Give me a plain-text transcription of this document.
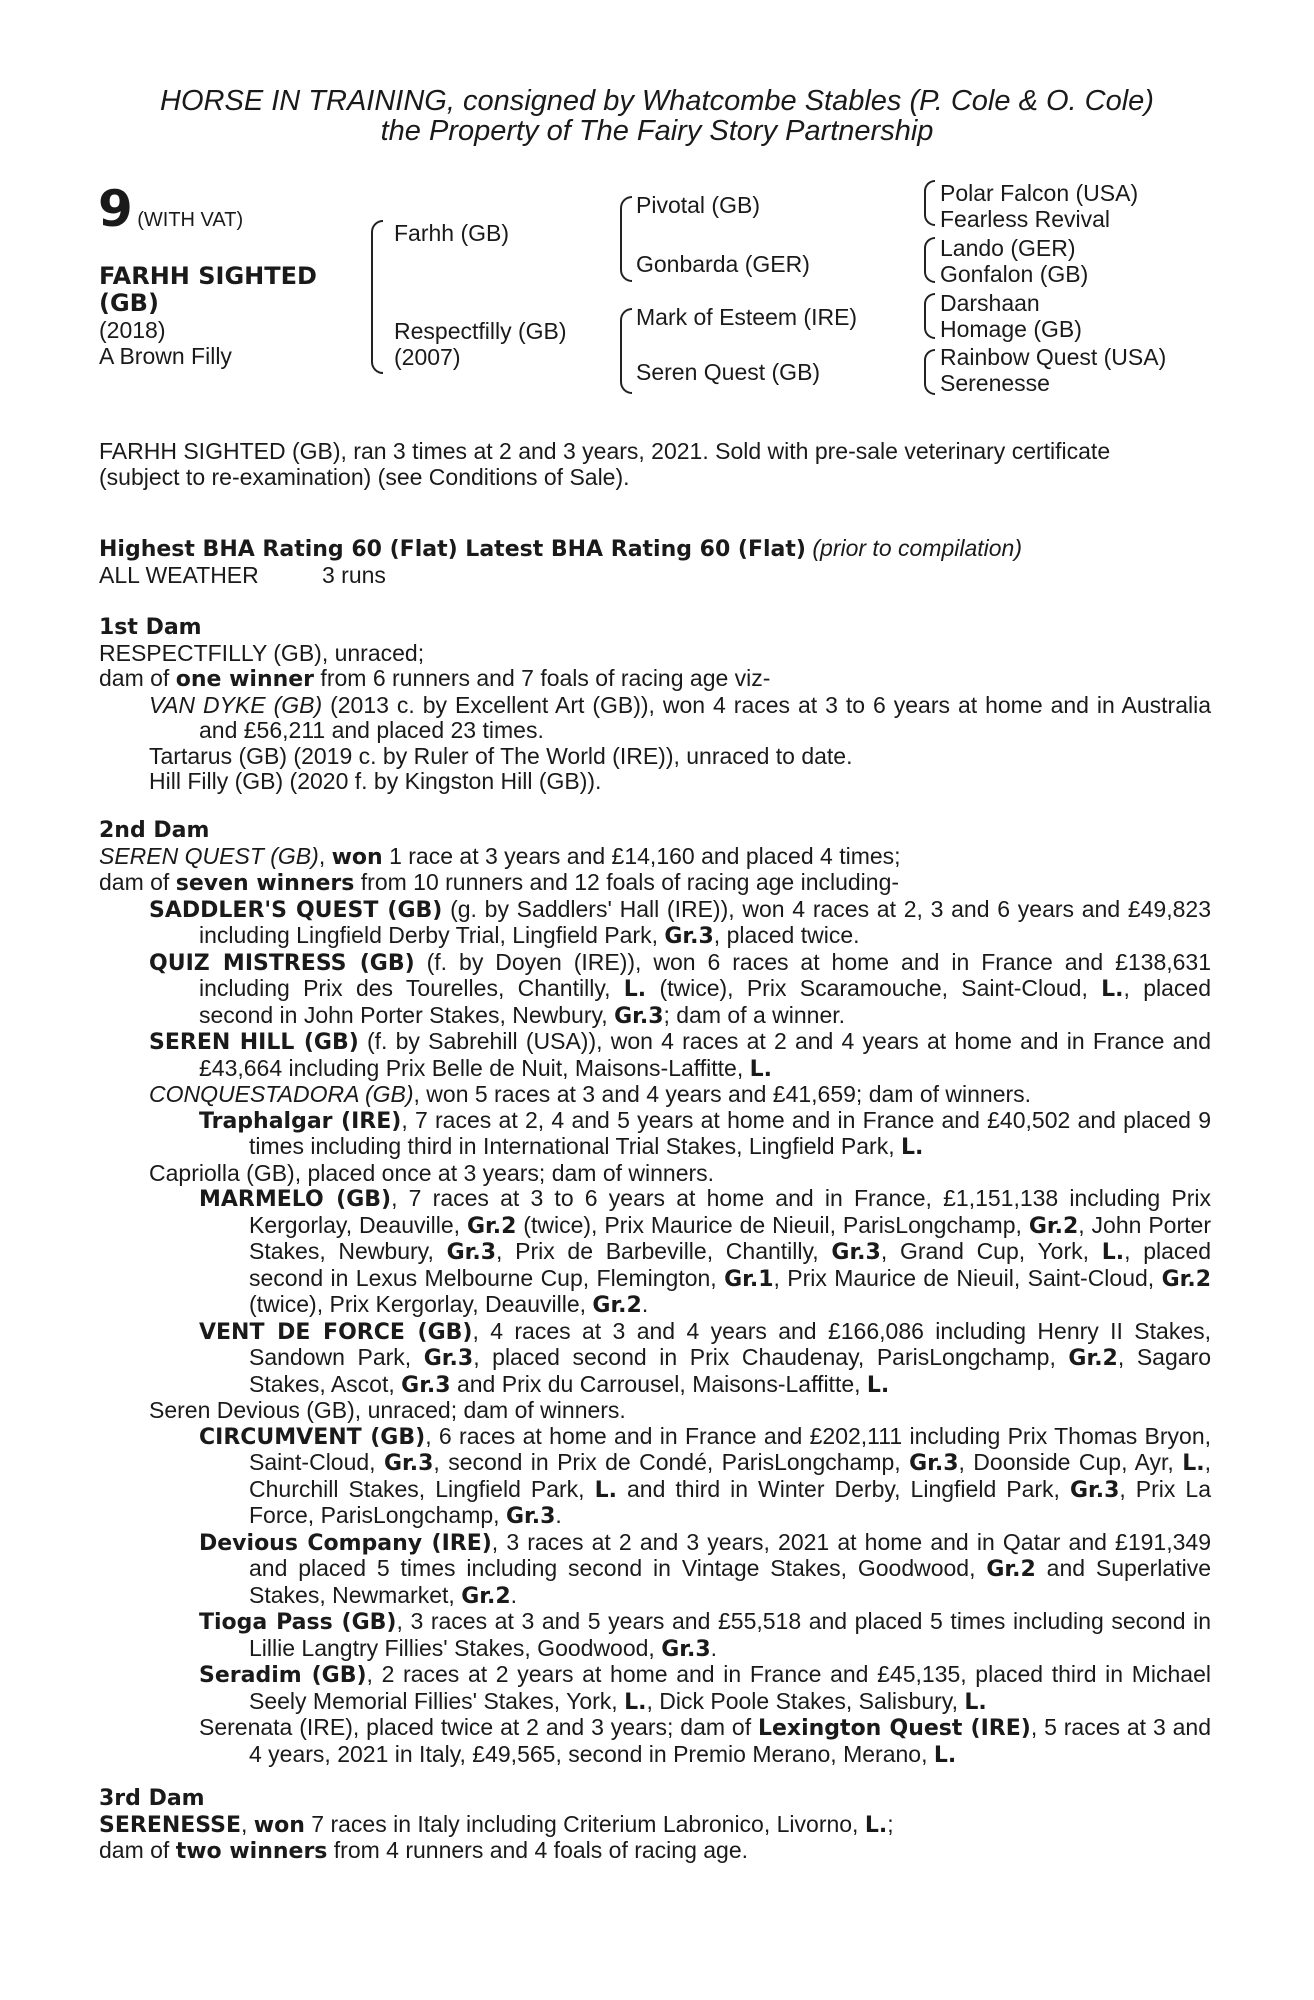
HORSE IN TRAINING, consigned by Whatcombe Stables (P. Cole & O. Cole)
the Property of The Fairy Story Partnership
9 (WITH VAT)
FARHH SIGHTED
(GB)
(2018)
A Brown Filly
Farhh (GB)
Respectfilly (GB)
(2007)
Pivotal (GB)
Gonbarda (GER)
Mark of Esteem (IRE)
Seren Quest (GB)
Polar Falcon (USA)
Fearless Revival
Lando (GER)
Gonfalon (GB)
Darshaan
Homage (GB)
Rainbow Quest (USA)
Serenesse
FARHH SIGHTED (GB), ran 3 times at 2 and 3 years, 2021. Sold with pre-sale veterinary certificate (subject to re-examination) (see Conditions of Sale).
Highest BHA Rating 60 (Flat) Latest BHA Rating 60 (Flat) (prior to compilation)
ALL WEATHER	3 runs

1st Dam

RESPECTFILLY (GB), unraced;

dam of one winner from 6 runners and 7 foals of racing age viz-

VAN DYKE (GB) (2013 c. by Excellent Art (GB)), won 4 races at 3 to 6 years at home and in Australia and £56,211 and placed 23 times.

Tartarus (GB) (2019 c. by Ruler of The World (IRE)), unraced to date.

Hill Filly (GB) (2020 f. by Kingston Hill (GB)).

2nd Dam

SEREN QUEST (GB), won 1 race at 3 years and £14,160 and placed 4 times;

dam of seven winners from 10 runners and 12 foals of racing age including-

SADDLER'S QUEST (GB) (g. by Saddlers' Hall (IRE)), won 4 races at 2, 3 and 6 years and £49,823 including Lingfield Derby Trial, Lingfield Park, Gr.3, placed twice.

QUIZ MISTRESS (GB) (f. by Doyen (IRE)), won 6 races at home and in France and £138,631 including Prix des Tourelles, Chantilly, L. (twice), Prix Scaramouche, Saint-Cloud, L., placed second in John Porter Stakes, Newbury, Gr.3; dam of a winner.

SEREN HILL (GB) (f. by Sabrehill (USA)), won 4 races at 2 and 4 years at home and in France and £43,664 including Prix Belle de Nuit, Maisons-Laffitte, L.

CONQUESTADORA (GB), won 5 races at 3 and 4 years and £41,659; dam of winners.

Traphalgar (IRE), 7 races at 2, 4 and 5 years at home and in France and £40,502 and placed 9 times including third in International Trial Stakes, Lingfield Park, L.

Capriolla (GB), placed once at 3 years; dam of winners.

MARMELO (GB), 7 races at 3 to 6 years at home and in France, £1,151,138 including Prix Kergorlay, Deauville, Gr.2 (twice), Prix Maurice de Nieuil, ParisLongchamp, Gr.2, John Porter Stakes, Newbury, Gr.3, Prix de Barbeville, Chantilly, Gr.3, Grand Cup, York, L., placed second in Lexus Melbourne Cup, Flemington, Gr.1, Prix Maurice de Nieuil, Saint-Cloud, Gr.2 (twice), Prix Kergorlay, Deauville, Gr.2.

VENT DE FORCE (GB), 4 races at 3 and 4 years and £166,086 including Henry II Stakes, Sandown Park, Gr.3, placed second in Prix Chaudenay, ParisLongchamp, Gr.2, Sagaro Stakes, Ascot, Gr.3 and Prix du Carrousel, Maisons-Laffitte, L.

Seren Devious (GB), unraced; dam of winners.

CIRCUMVENT (GB), 6 races at home and in France and £202,111 including Prix Thomas Bryon, Saint-Cloud, Gr.3, second in Prix de Condé, ParisLongchamp, Gr.3, Doonside Cup, Ayr, L., Churchill Stakes, Lingfield Park, L. and third in Winter Derby, Lingfield Park, Gr.3, Prix La Force, ParisLongchamp, Gr.3.

Devious Company (IRE), 3 races at 2 and 3 years, 2021 at home and in Qatar and £191,349 and placed 5 times including second in Vintage Stakes, Goodwood, Gr.2 and Superlative Stakes, Newmarket, Gr.2.

Tioga Pass (GB), 3 races at 3 and 5 years and £55,518 and placed 5 times including second in Lillie Langtry Fillies' Stakes, Goodwood, Gr.3.

Seradim (GB), 2 races at 2 years at home and in France and £45,135, placed third in Michael Seely Memorial Fillies' Stakes, York, L., Dick Poole Stakes, Salisbury, L.

Serenata (IRE), placed twice at 2 and 3 years; dam of Lexington Quest (IRE), 5 races at 3 and 4 years, 2021 in Italy, £49,565, second in Premio Merano, Merano, L.

3rd Dam

SERENESSE, won 7 races in Italy including Criterium Labronico, Livorno, L.;

dam of two winners from 4 runners and 4 foals of racing age.
